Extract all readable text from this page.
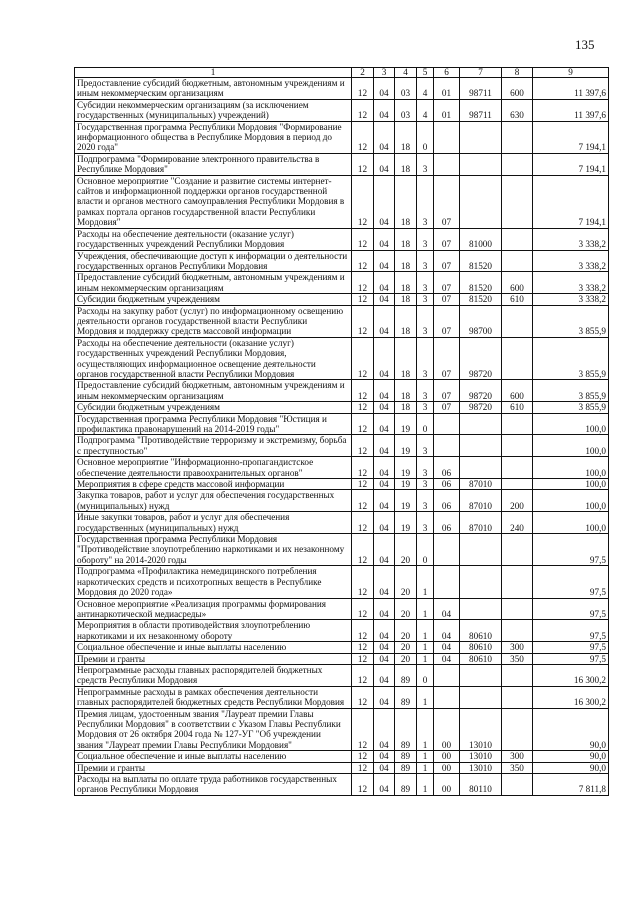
135
1	2	3	4	5	6	7	8	9
Предоставление субсидий бюджетным, автономным учреждениям и иным некоммерческим организациям	12	04	03	4	01	98711	600	11 397,6
Субсидии некоммерческим организациям (за исключением государственных (муниципальных) учреждений)	12	04	03	4	01	98711	630	11 397,6
Государственная программа Республики Мордовия "Формирование информационного общества в Республике Мордовия в период до 2020 года"	12	04	18	0				7 194,1
Подпрограмма "Формирование электронного правительства в Республике Мордовия"	12	04	18	3				7 194,1
Основное мероприятие "Создание и развитие системы интернет-сайтов и информационной поддержки органов государственной власти и органов местного самоуправления Республики Мордовия в рамках портала органов государственной власти Республики Мордовия"	12	04	18	3	07			7 194,1
Расходы на обеспечение деятельности (оказание услуг) государственных учреждений Республики Мордовия	12	04	18	3	07	81000		3 338,2
Учреждения, обеспечивающие доступ к информации о деятельности государственных органов Республики Мордовия	12	04	18	3	07	81520		3 338,2
Предоставление субсидий бюджетным, автономным учреждениям и иным некоммерческим организациям	12	04	18	3	07	81520	600	3 338,2
Субсидии бюджетным учреждениям	12	04	18	3	07	81520	610	3 338,2
Расходы на закупку работ (услуг) по информационному освещению деятельности органов государственной власти Республики Мордовия и поддержку средств массовой информации	12	04	18	3	07	98700		3 855,9
Расходы на обеспечение деятельности (оказание услуг) государственных учреждений Республики Мордовия, осуществляющих информационное освещение деятельности органов государственной власти Республики Мордовия	12	04	18	3	07	98720		3 855,9
Предоставление субсидий бюджетным, автономным учреждениям и иным некоммерческим организациям	12	04	18	3	07	98720	600	3 855,9
Субсидии бюджетным учреждениям	12	04	18	3	07	98720	610	3 855,9
Государственная программа Республики Мордовия "Юстиция и профилактика правонарушений на 2014-2019 годы"	12	04	19	0				100,0
Подпрограмма "Противодействие терроризму и экстремизму, борьба с преступностью"	12	04	19	3				100,0
Основное мероприятие "Информационно-пропагандистское обеспечение деятельности правоохранительных органов"	12	04	19	3	06			100,0
Мероприятия в сфере средств массовой информации	12	04	19	3	06	87010		100,0
Закупка товаров, работ и услуг для обеспечения государственных (муниципальных) нужд	12	04	19	3	06	87010	200	100,0
Иные закупки товаров, работ и услуг для обеспечения государственных (муниципальных) нужд	12	04	19	3	06	87010	240	100,0
Государственная программа Республики Мордовия "Противодействие злоупотреблению наркотиками и их незаконному обороту" на 2014-2020 годы	12	04	20	0				97,5
Подпрограмма «Профилактика немедицинского потребления наркотических средств и психотропных веществ в Республике Мордовия до 2020 года»	12	04	20	1				97,5
Основное мероприятие «Реализация программы формирования антинаркотической медиасреды»	12	04	20	1	04			97,5
Мероприятия в области противодействия злоупотреблению наркотиками и их незаконному обороту	12	04	20	1	04	80610		97,5
Социальное обеспечение и иные выплаты населению	12	04	20	1	04	80610	300	97,5
Премии и гранты	12	04	20	1	04	80610	350	97,5
Непрограммные расходы главных распорядителей бюджетных средств Республики Мордовия	12	04	89	0				16 300,2
Непрограммные расходы в рамках обеспечения деятельности главных распорядителей бюджетных средств Республики Мордовия	12	04	89	1				16 300,2
Премия лицам, удостоенным звания "Лауреат премии Главы Республики Мордовия" в соответствии с Указом Главы Республики Мордовия от 26 октября 2004 года № 127-УГ "Об учреждении звания "Лауреат премии Главы Республики Мордовия"	12	04	89	1	00	13010		90,0
Социальное обеспечение и иные выплаты населению	12	04	89	1	00	13010	300	90,0
Премии и гранты	12	04	89	1	00	13010	350	90,0
Расходы на выплаты по оплате труда работников государственных органов Республики Мордовия	12	04	89	1	00	80110		7 811,8
